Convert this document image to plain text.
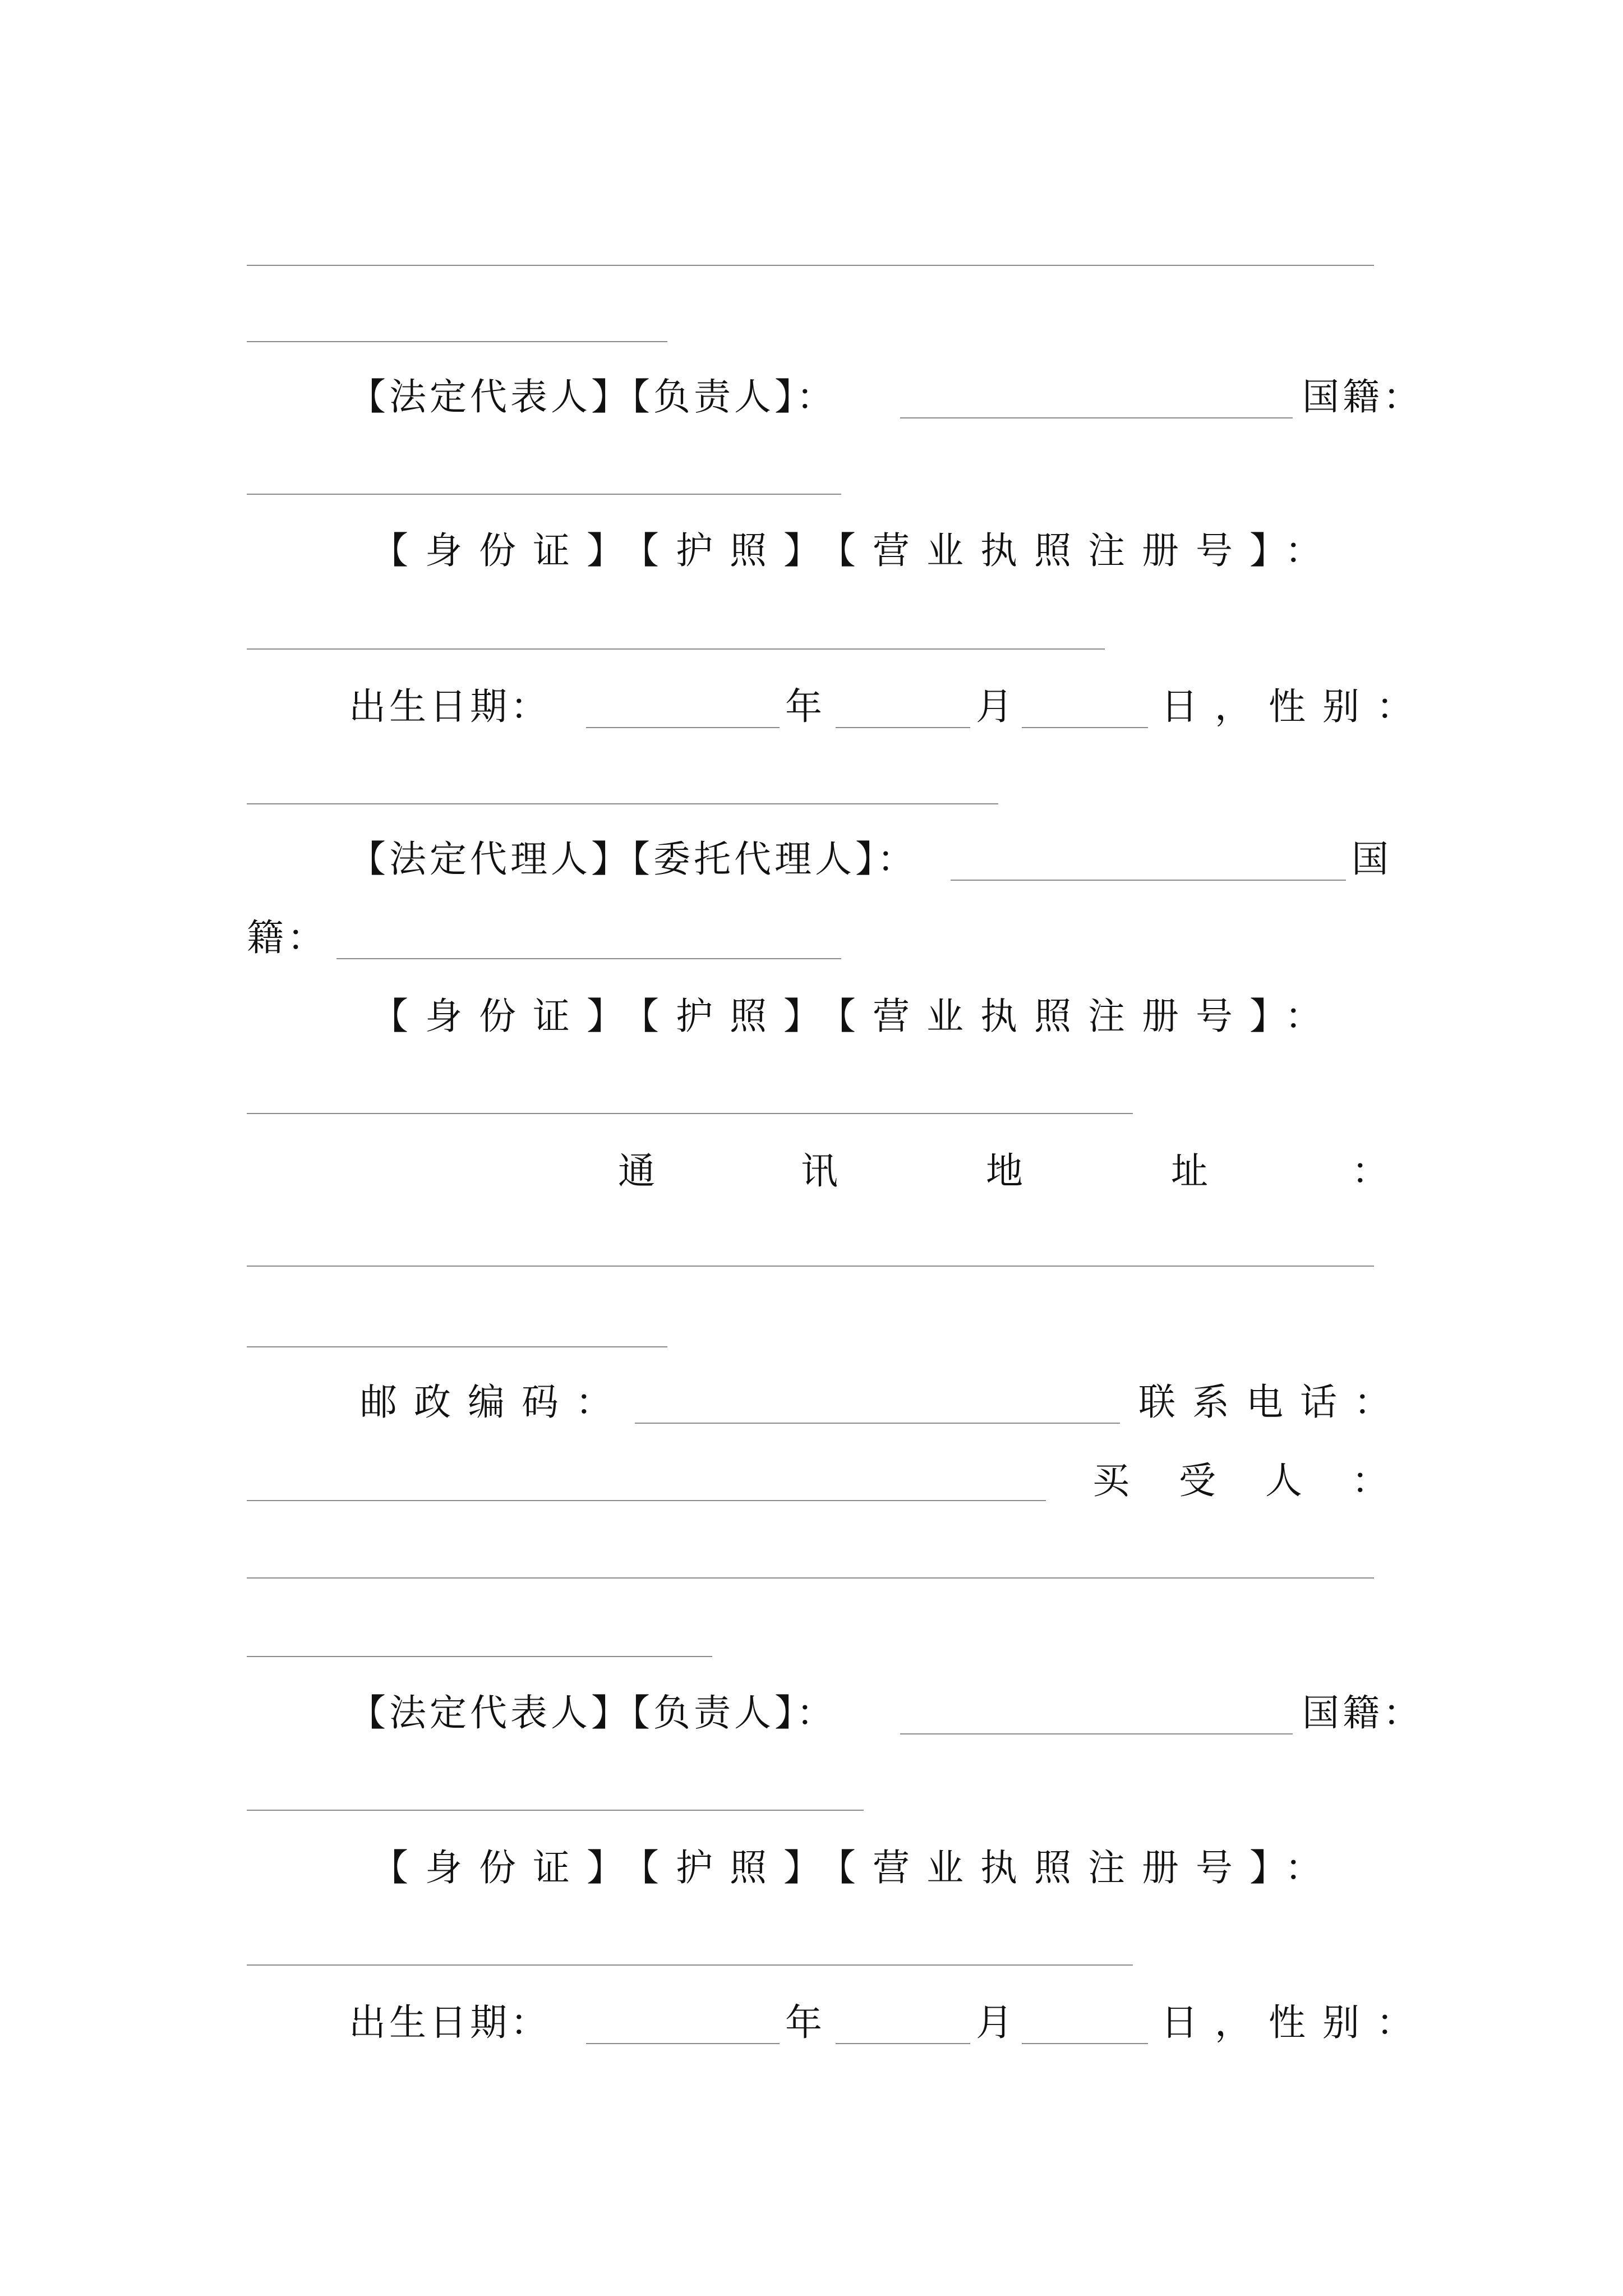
【法定代表人】【负责人】：	国籍：
【身份证】【护照】【营业执照注册号】：
出生日期：	年	月	日，性别：
【法定代理人】【委托代理人】：	国
籍：
【身份证】【护照】【营业执照注册号】：
通	讯	地	址	：
邮政编码：	联系电话：
买 受 人 ：
【法定代表人】【负责人】：	国籍：
【身份证】【护照】【营业执照注册号】：
出生日期：	年	月	日，性别：
